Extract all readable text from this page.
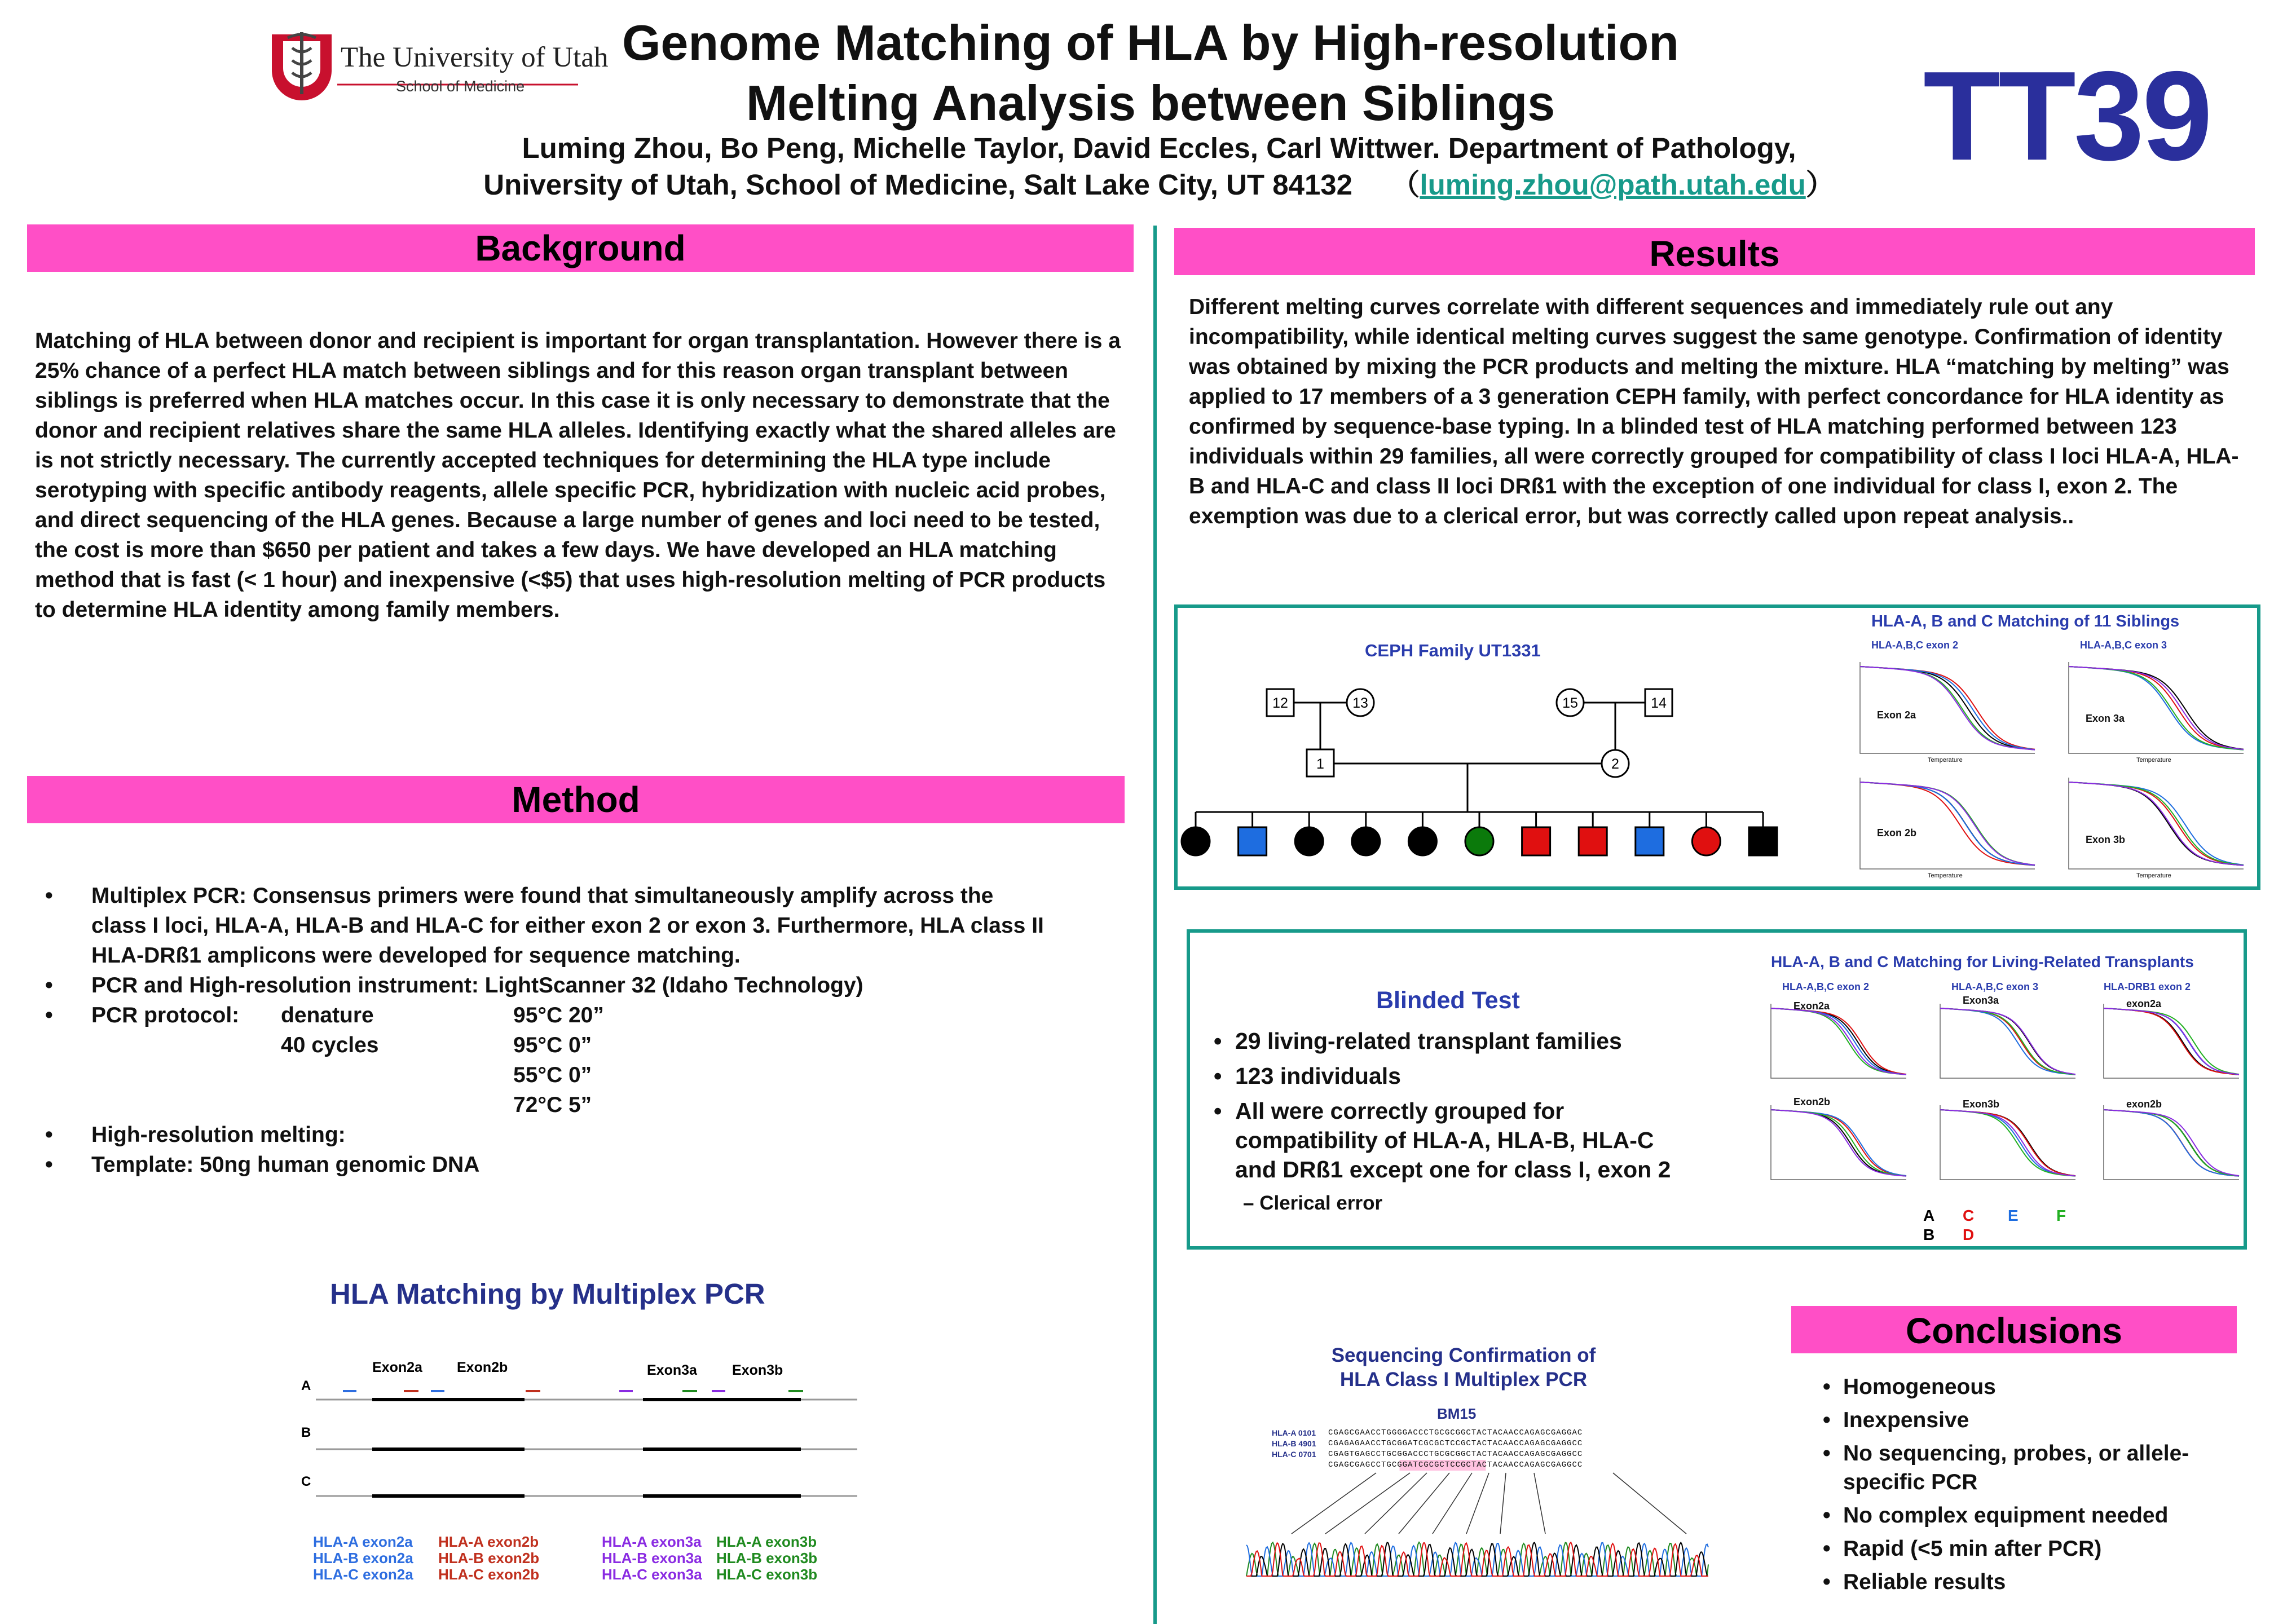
The University of Utah
School of Medicine
Genome Matching of HLA by High-resolution
Melting Analysis between Siblings
Luming Zhou, Bo Peng, Michelle Taylor, David Eccles, Carl Wittwer. Department of Pathology,
University of Utah, School of Medicine, Salt Lake City, UT 84132 （luming.zhou@path.utah.edu） TT39
Background
Matching of HLA between donor and recipient is important for organ transplantation. However there is a 25% chance of a perfect HLA match between siblings and for this reason organ transplant between siblings is preferred when HLA matches occur. In this case it is only necessary to demonstrate that the donor and recipient relatives share the same HLA alleles. Identifying exactly what the shared alleles are is not strictly necessary. The currently accepted techniques for determining the HLA type include serotyping with specific antibody reagents, allele specific PCR, hybridization with nucleic acid probes, and direct sequencing of the HLA genes. Because a large number of genes and loci need to be tested, the cost is more than $650 per patient and takes a few days. We have developed an HLA matching method that is fast (< 1 hour) and inexpensive (<$5) that uses high-resolution melting of PCR products to determine HLA identity among family members.
Method
•	Multiplex PCR: Consensus primers were found that simultaneously amplify across the class I loci, HLA-A, HLA-B and HLA-C for either exon 2 or exon 3. Furthermore, HLA class II HLA-DRß1 amplicons were developed for sequence matching.
•	PCR and High-resolution instrument: LightScanner 32 (Idaho Technology)
•	PCR protocol:	denature	95°C 20”
40 cycles	95°C 0”
55°C 0”
72°C 5”
•	High-resolution melting:
•	Template: 50ng human genomic DNA
HLA Matching by Multiplex PCR
Exon2a Exon2b	Exon3a Exon3b
A
B
C
HLA-A exon2a
HLA-B exon2a
HLA-C exon2a
HLA-A exon2b
HLA-B exon2b
HLA-C exon2b
HLA-A exon3a
HLA-B exon3a
HLA-C exon3a
HLA-A exon3b
HLA-B exon3b
HLA-C exon3b
Results
Different melting curves correlate with different sequences and immediately rule out any incompatibility, while identical melting curves suggest the same genotype. Confirmation of identity was obtained by mixing the PCR products and melting the mixture. HLA “matching by melting” was applied to 17 members of a 3 generation CEPH family, with perfect concordance for HLA identity as confirmed by sequence-base typing. In a blinded test of HLA matching performed between 123 individuals within 29 families, all were correctly grouped for compatibility of class I loci HLA-A, HLA-B and HLA-C and class II loci DRß1 with the exception of one individual for class I, exon 2. The exemption was due to a clerical error, but was correctly called upon repeat analysis..
CEPH Family UT1331
12	13	15	14
1	2
HLA-A, B and C Matching of 11 Siblings
HLA-A,B,C exon 2	HLA-A,B,C exon 3
Exon 2a
Temperature
Exon 3a
Temperature
Exon 2b
Temperature
Exon 3b
Temperature
Blinded Test
• 29 living-related transplant families
• 123 individuals
• All were correctly grouped for compatibility of HLA-A, HLA-B, HLA-C and DRß1 except one for class I, exon 2
– Clerical error
HLA-A, B and C Matching for Living-Related Transplants
HLA-A,B,C exon 2	HLA-A,B,C exon 3	HLA-DRB1 exon 2
Exon2a	Exon3a	exon2a
Exon2b	Exon3b	exon2b
A
B
C
D
E F
Sequencing Confirmation of
HLA Class I Multiplex PCR
BM15
HLA-A 0101	CGAGCGAACCTGGGGACCCTGCGCGGCTACTACAACCAGAGCGAGGAC
HLA-B 4901	CGAGAGAACCTGCGGATCGCGCTCCGCTACTACAACCAGAGCGAGGCC
HLA-C 0701	CGAGTGAGCCTGCGGACCCTGCGCGGCTACTACAACCAGAGCGAGGCC
CGAGCGAGCCTGCGGATCGCGCTCCGCTACTACAACCAGAGCGAGGCC
Conclusions
• Homogeneous
• Inexpensive
• No sequencing, probes, or allele-specific PCR
• No complex equipment needed
• Rapid (<5 min after PCR)
• Reliable results
